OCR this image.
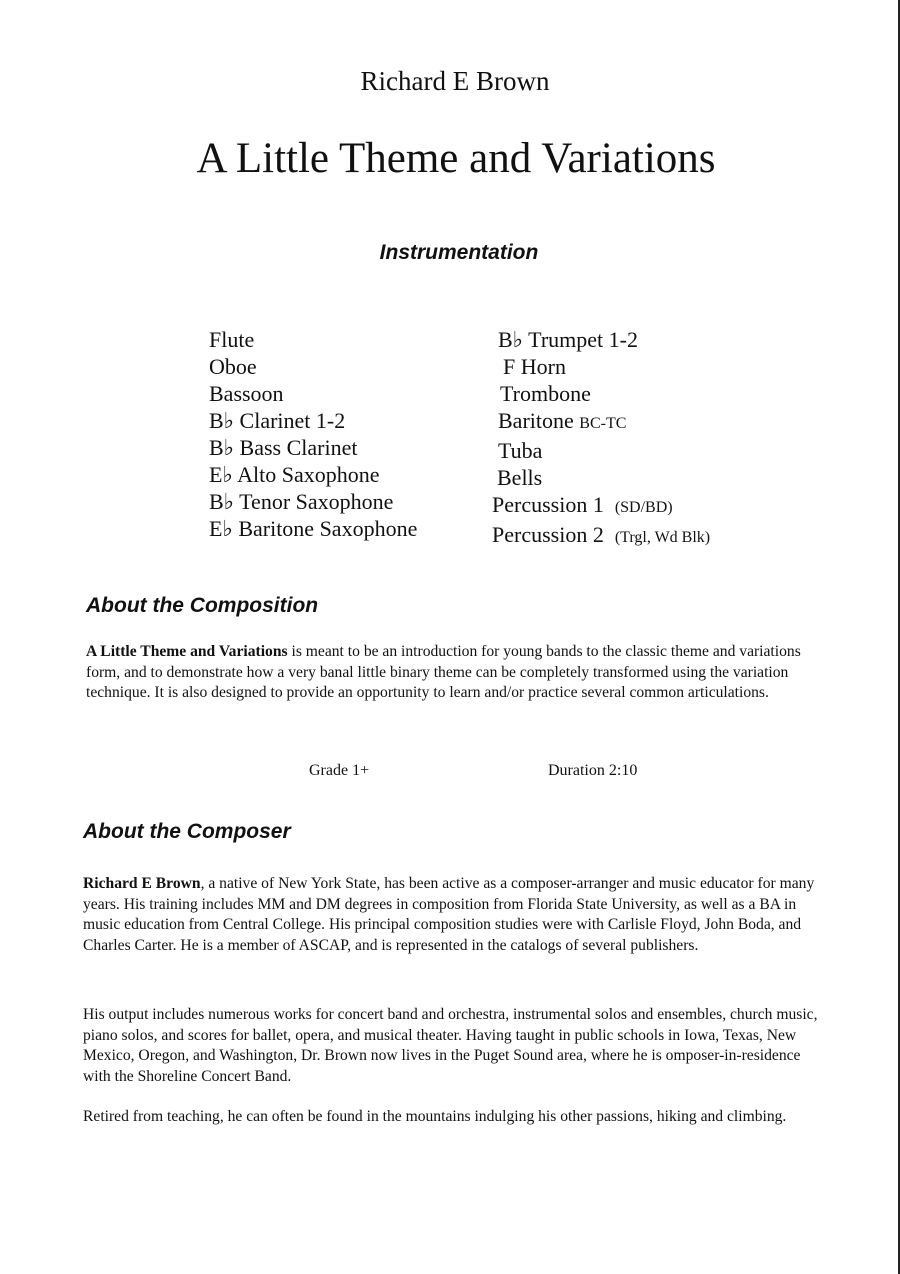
Richard E Brown
A Little Theme and Variations
Instrumentation
Flute
Oboe
Bassoon
B♭ Clarinet 1-2
B♭ Bass Clarinet
E♭ Alto Saxophone
B♭ Tenor Saxophone
E♭ Baritone Saxophone
B♭ Trumpet 1-2
F Horn
Trombone
Baritone BC-TC
Tuba
Bells
Percussion 1 (SD/BD)
Percussion 2 (Trgl, Wd Blk)
About the Composition
A Little Theme and Variations is meant to be an introduction for young bands to the classic theme and variations form, and to demonstrate how a very banal little binary theme can be completely transformed using the variation technique. It is also designed to provide an opportunity to learn and/or practice several common articulations.
Grade 1+	Duration 2:10
About the Composer
Richard E Brown, a native of New York State, has been active as a composer-arranger and music educator for many years. His training includes MM and DM degrees in composition from Florida State University, as well as a BA in music education from Central College. His principal composition studies were with Carlisle Floyd, John Boda, and Charles Carter. He is a member of ASCAP, and is represented in the catalogs of several publishers.
His output includes numerous works for concert band and orchestra, instrumental solos and ensembles, church music, piano solos, and scores for ballet, opera, and musical theater. Having taught in public schools in Iowa, Texas, New Mexico, Oregon, and Washington, Dr. Brown now lives in the Puget Sound area, where he is omposer-in-residence with the Shoreline Concert Band.
Retired from teaching, he can often be found in the mountains indulging his other passions, hiking and climbing.
